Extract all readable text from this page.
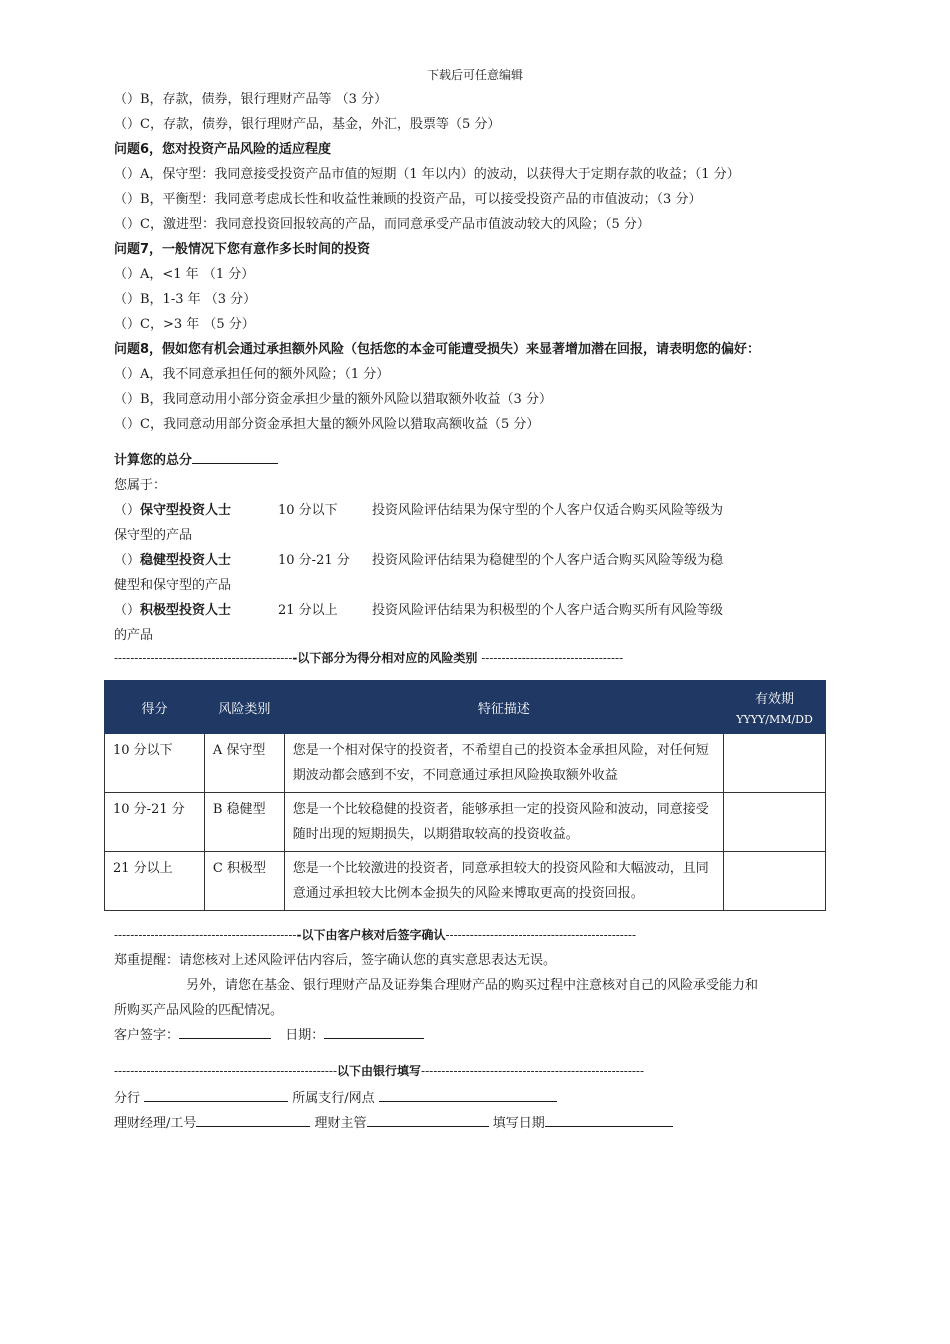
下载后可任意编辑
（）B，存款，债券，银行理财产品等 （3 分）
（）C，存款，债券，银行理财产品，基金，外汇，股票等（5 分）
问题6，您对投资产品风险的适应程度
（）A，保守型：我同意接受投资产品市值的短期（1 年以内）的波动，以获得大于定期存款的收益；（1 分）
（）B，平衡型：我同意考虑成长性和收益性兼顾的投资产品，可以接受投资产品的市值波动；（3 分）
（）C，激进型：我同意投资回报较高的产品，而同意承受产品市值波动较大的风险；（5 分）
问题7，一般情况下您有意作多长时间的投资
（）A，<1 年 （1 分）
（）B，1-3 年 （3 分）
（）C，>3 年 （5 分）
问题8，假如您有机会通过承担额外风险（包括您的本金可能遭受损失）来显著增加潜在回报，请表明您的偏好：
（）A，我不同意承担任何的额外风险；（1 分）
（）B，我同意动用小部分资金承担少量的额外风险以猎取额外收益（3 分）
（）C，我同意动用部分资金承担大量的额外风险以猎取高额收益（5 分）
计算您的总分
您属于：
（）保守型投资人士	10 分以下	投资风险评估结果为保守型的个人客户仅适合购买风险等级为
保守型的产品
（）稳健型投资人士	10 分-21 分 投资风险评估结果为稳健型的个人客户适合购买风险等级为稳
健型和保守型的产品
（）积极型投资人士	21 分以上	投资风险评估结果为积极型的个人客户适合购买所有风险等级
的产品
---------------------------------------------以下部分为得分相对应的风险类别 -----------------------------------
得分	风险类别	特征描述	有效期
YYYY/MM/DD

10 分以下	A 保守型	您是一个相对保守的投资者，不希望自己的投资本金承担风险，对任何短期波动都会感到不安，不同意通过承担风险换取额外收益	
10 分-21 分	B 稳健型	您是一个比较稳健的投资者，能够承担一定的投资风险和波动，同意接受随时出现的短期损失，以期猎取较高的投资收益。	
21 分以上	C 积极型	您是一个比较激进的投资者，同意承担较大的投资风险和大幅波动，且同意通过承担较大比例本金损失的风险来博取更高的投资回报。	
----------------------------------------------以下由客户核对后签字确认-----------------------------------------------
郑重提醒：请您核对上述风险评估内容后，签字确认您的真实意思表达无误。
另外，请您在基金、银行理财产品及证券集合理财产品的购买过程中注意核对自己的风险承受能力和
所购买产品风险的匹配情况。
客户签字：	日期：
-------------------------------------------------------以下由银行填写-------------------------------------------------------
分行	所属支行/网点
理财经理/工号	理财主管	填写日期
